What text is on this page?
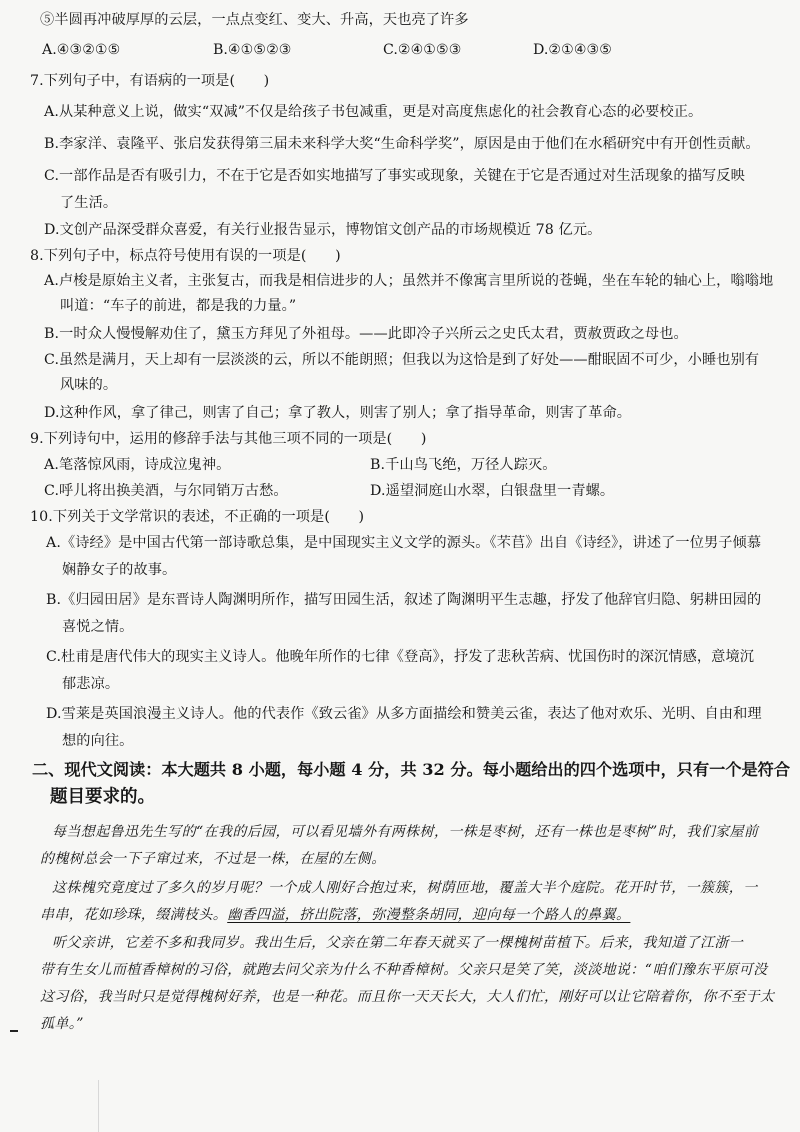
⑤半圆再冲破厚厚的云层，一点点变红、变大、升高，天也亮了许多
A.④③②①⑤	B.④①⑤②③	C.②④①⑤③	D.②①④③⑤
7.下列句子中，有语病的一项是(　　)
A.从某种意义上说，做实“双减”不仅是给孩子书包减重，更是对高度焦虑化的社会教育心态的必要校正。
B.李家洋、袁隆平、张启发获得第三届未来科学大奖“生命科学奖”，原因是由于他们在水稻研究中有开创性贡献。
C.一部作品是否有吸引力，不在于它是否如实地描写了事实或现象，关键在于它是否通过对生活现象的描写反映
了生活。
D.文创产品深受群众喜爱，有关行业报告显示，博物馆文创产品的市场规模近 78 亿元。
8.下列句子中，标点符号使用有误的一项是(　　)
A.卢梭是原始主义者，主张复古，而我是相信进步的人；虽然并不像寓言里所说的苍蝇，坐在车轮的轴心上，嗡嗡地
叫道：“车子的前进，都是我的力量。”
B.一时众人慢慢解劝住了，黛玉方拜见了外祖母。——此即冷子兴所云之史氏太君，贾赦贾政之母也。
C.虽然是满月，天上却有一层淡淡的云，所以不能朗照；但我以为这恰是到了好处——酣眠固不可少，小睡也别有
风味的。
D.这种作风，拿了律己，则害了自己；拿了教人，则害了别人；拿了指导革命，则害了革命。
9.下列诗句中，运用的修辞手法与其他三项不同的一项是(　　)
A.笔落惊风雨，诗成泣鬼神。	B.千山鸟飞绝，万径人踪灭。
C.呼儿将出换美酒，与尔同销万古愁。	D.遥望洞庭山水翠，白银盘里一青螺。
10.下列关于文学常识的表述，不正确的一项是(　　)
A.《诗经》是中国古代第一部诗歌总集，是中国现实主义文学的源头。《芣苢》出自《诗经》，讲述了一位男子倾慕
娴静女子的故事。
B.《归园田居》是东晋诗人陶渊明所作，描写田园生活，叙述了陶渊明平生志趣，抒发了他辞官归隐、躬耕田园的
喜悦之情。
C.杜甫是唐代伟大的现实主义诗人。他晚年所作的七律《登高》，抒发了悲秋苦病、忧国伤时的深沉情感，意境沉
郁悲凉。
D.雪莱是英国浪漫主义诗人。他的代表作《致云雀》从多方面描绘和赞美云雀，表达了他对欢乐、光明、自由和理
想的向往。
二、现代文阅读：本大题共 8 小题，每小题 4 分，共 32 分。每小题给出的四个选项中，只有一个是符合
题目要求的。
每当想起鲁迅先生写的“在我的后园，可以看见墙外有两株树，一株是枣树，还有一株也是枣树”时，我们家屋前
的槐树总会一下子窜过来，不过是一株，在屋的左侧。
这株槐究竟度过了多久的岁月呢？一个成人刚好合抱过来，树荫匝地，覆盖大半个庭院。花开时节，一簇簇，一
串串，花如珍珠，缀满枝头。幽香四溢，挤出院落，弥漫整条胡同，迎向每一个路人的鼻翼。
听父亲讲，它差不多和我同岁。我出生后，父亲在第二年春天就买了一棵槐树苗植下。后来，我知道了江浙一
带有生女儿而植香樟树的习俗，就跑去问父亲为什么不种香樟树。父亲只是笑了笑，淡淡地说：“咱们豫东平原可没
这习俗，我当时只是觉得槐树好养，也是一种花。而且你一天天长大，大人们忙，刚好可以让它陪着你，你不至于太
孤单。”
